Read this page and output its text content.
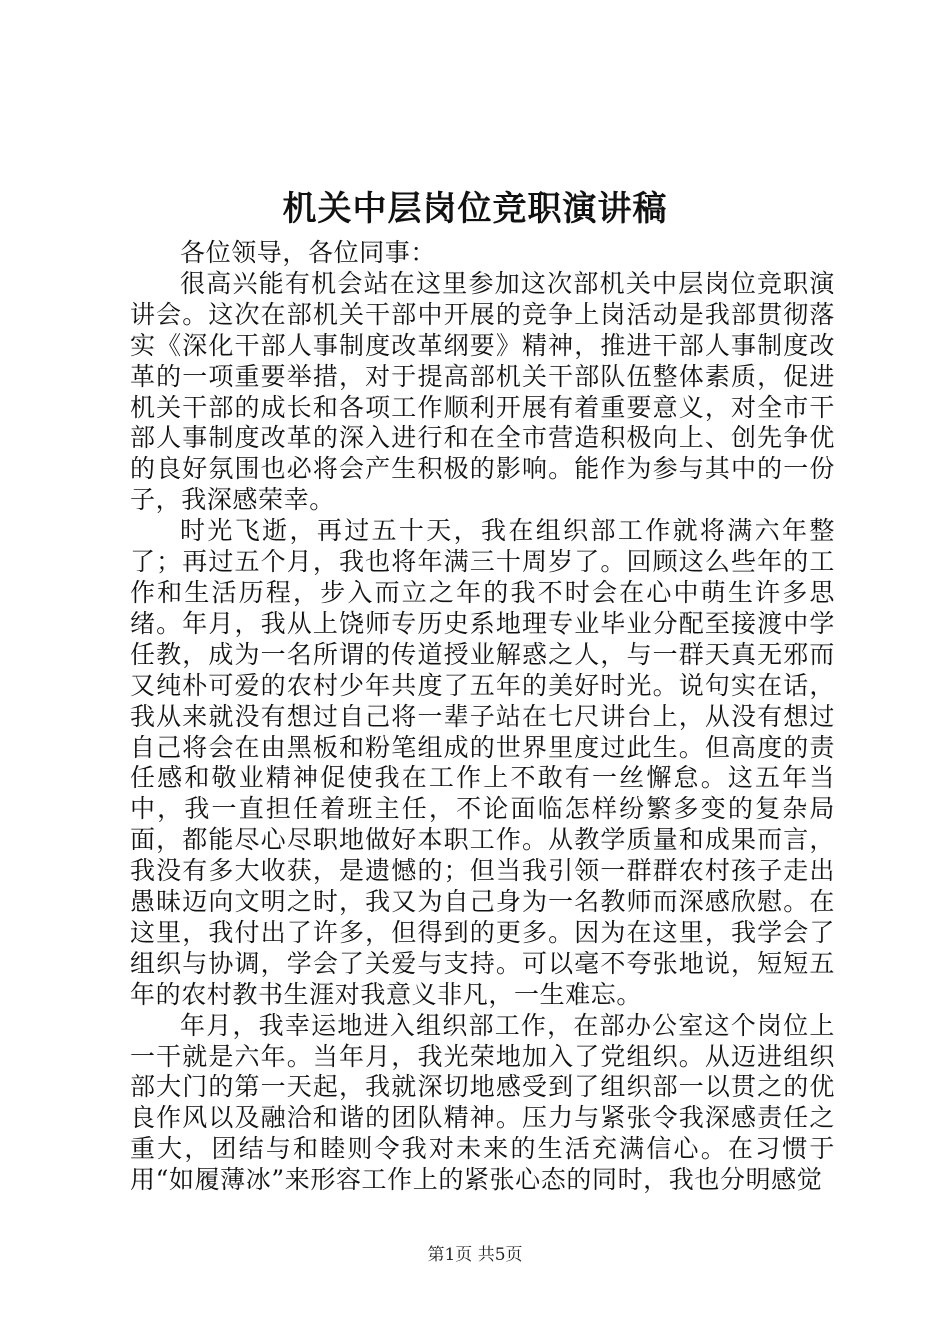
机关中层岗位竞职演讲稿

各位领导，各位同事：

很高兴能有机会站在这里参加这次部机关中层岗位竞职演讲会。这次在部机关干部中开展的竞争上岗活动是我部贯彻落实《深化干部人事制度改革纲要》精神，推进干部人事制度改革的一项重要举措，对于提高部机关干部队伍整体素质，促进机关干部的成长和各项工作顺利开展有着重要意义，对全市干部人事制度改革的深入进行和在全市营造积极向上、创先争优的良好氛围也必将会产生积极的影响。能作为参与其中的一份子，我深感荣幸。

时光飞逝，再过五十天，我在组织部工作就将满六年整了；再过五个月，我也将年满三十周岁了。回顾这么些年的工作和生活历程，步入而立之年的我不时会在心中萌生许多思绪。年月，我从上饶师专历史系地理专业毕业分配至接渡中学任教，成为一名所谓的传道授业解惑之人，与一群天真无邪而又纯朴可爱的农村少年共度了五年的美好时光。说句实在话，我从来就没有想过自己将一辈子站在七尺讲台上，从没有想过自己将会在由黑板和粉笔组成的世界里度过此生。但高度的责任感和敬业精神促使我在工作上不敢有一丝懈怠。这五年当中，我一直担任着班主任，不论面临怎样纷繁多变的复杂局面，都能尽心尽职地做好本职工作。从教学质量和成果而言，我没有多大收获，是遗憾的；但当我引领一群群农村孩子走出愚昧迈向文明之时，我又为自己身为一名教师而深感欣慰。在这里，我付出了许多，但得到的更多。因为在这里，我学会了组织与协调，学会了关爱与支持。可以毫不夸张地说，短短五年的农村教书生涯对我意义非凡，一生难忘。

年月，我幸运地进入组织部工作，在部办公室这个岗位上一干就是六年。当年月，我光荣地加入了党组织。从迈进组织部大门的第一天起，我就深切地感受到了组织部一以贯之的优良作风以及融洽和谐的团队精神。压力与紧张令我深感责任之重大，团结与和睦则令我对未来的生活充满信心。在习惯于用“如履薄冰”来形容工作上的紧张心态的同时，我也分明感觉

第1页 共5页
